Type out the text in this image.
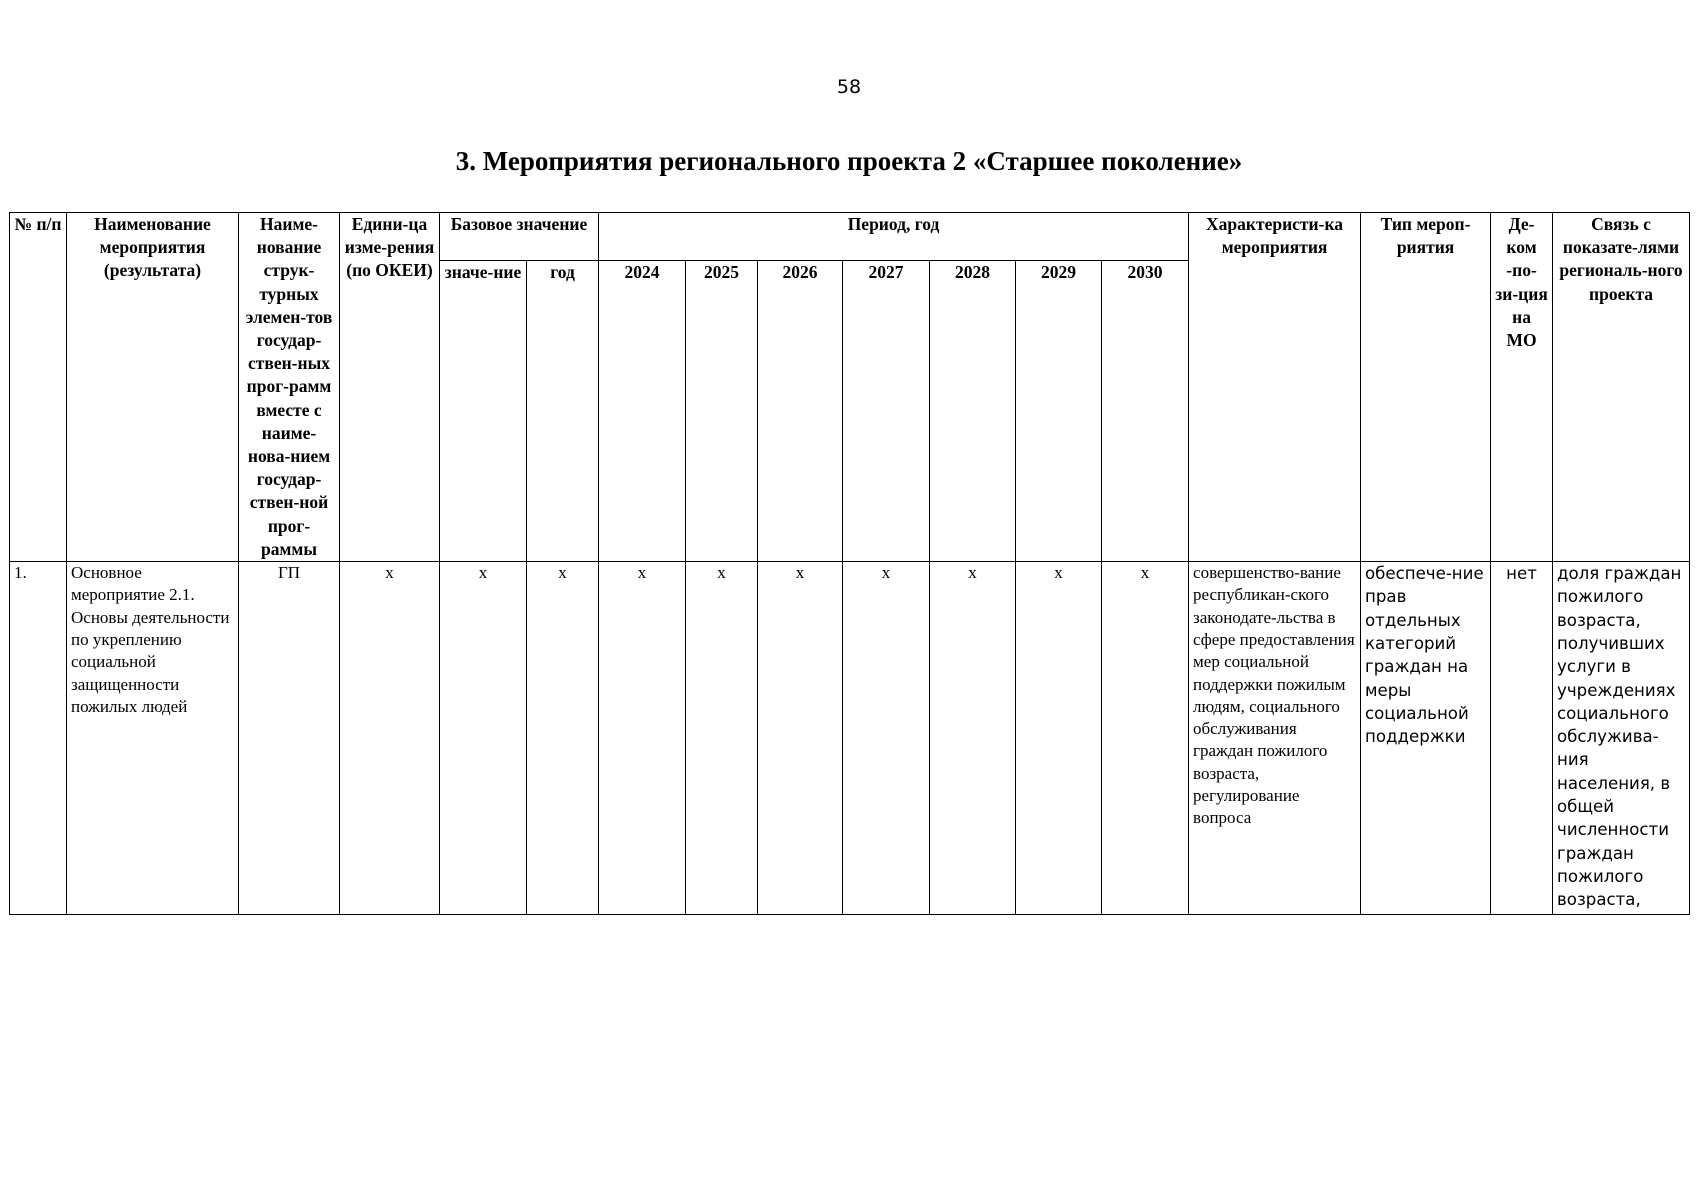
58
3. Мероприятия регионального проекта 2 «Старшее поколение»
№ п/п	Наименование мероприятия (результата)	Наиме-нование струк-турных элемен-тов государ-ствен-ных прог-рамм вместе с наиме-нова-нием государ-ствен-ной прог-раммы	Едини-ца изме-рения (по ОКЕИ)	Базовое значение		Период, год							Характеристи-ка мероприятия	Тип мероп-риятия	Де-ком -по-зи-ция на МО	Связь с показате-лями региональ-ного проекта
				значе-ние	год	2024	2025	2026	2027	2028	2029	2030				
1.	Основное мероприятие 2.1. Основы деятельности по укреплению социальной защищенности пожилых людей	ГП	х	х	х	х	х	х	х	х	х	х	совершенство-вание республикан-ского законодате-льства в сфере предоставления мер социальной поддержки пожилым людям, социального обслуживания граждан пожилого возраста, регулирование вопроса	обеспече-ние прав отдельных категорий граждан на меры социальной поддержки	нет	доля граждан пожилого возраста, получивших услуги в учреждениях социального обслужива-ния населения, в общей численности граждан пожилого возраста,
